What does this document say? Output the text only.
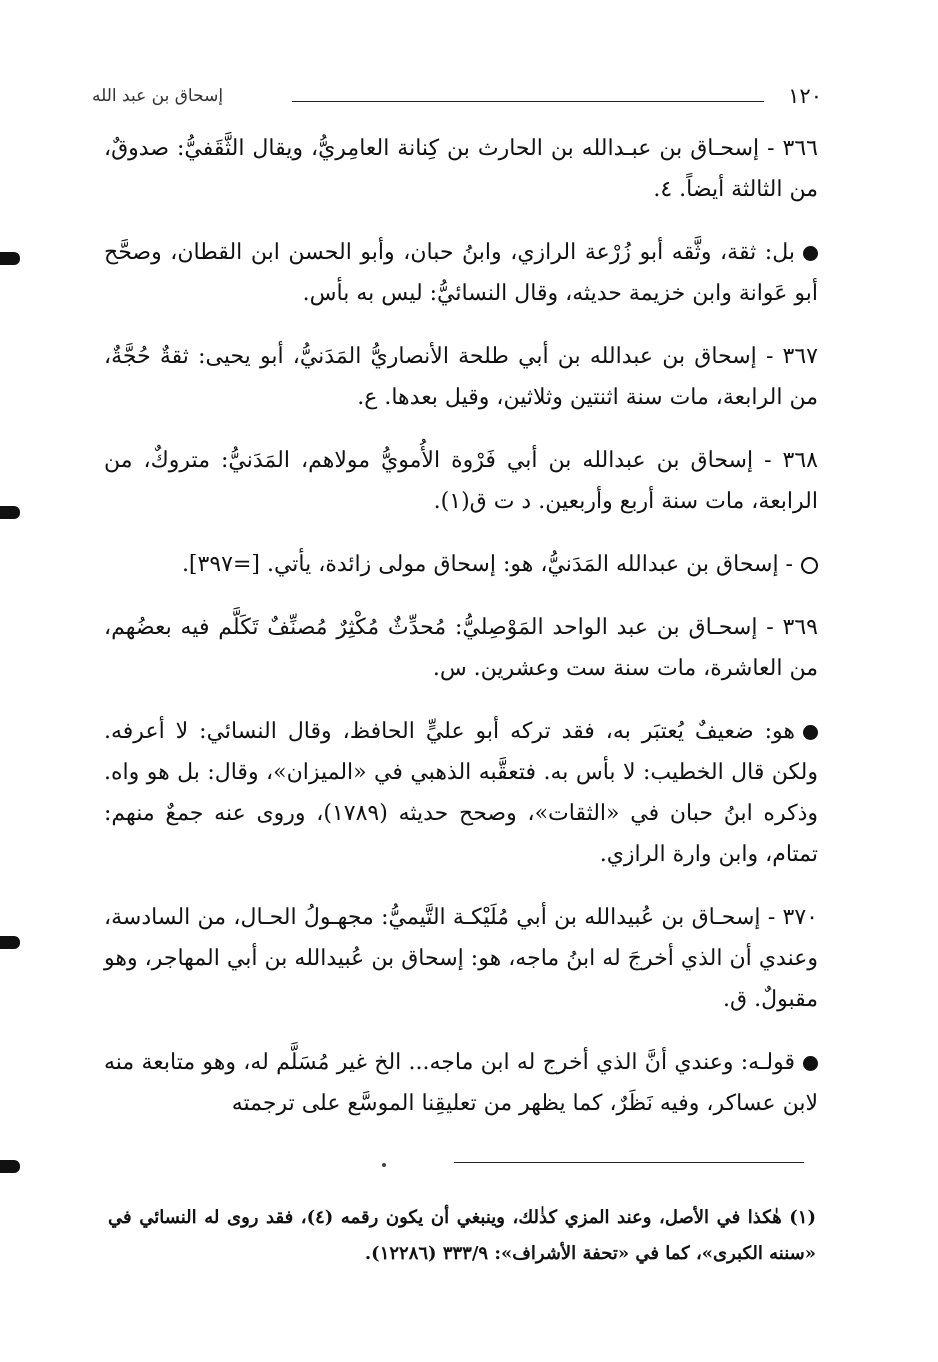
١٢٠
إسحاق بن عبد الله

٣٦٦ - إسحـاق بن عبـدالله بن الحارث بن كِنانة العامِريُّ، ويقال الثَّقَفيُّ: صدوقٌ، من الثالثة أيضاً. ٤.

بل: ثقة، وثَّقه أبو زُرْعة الرازي، وابنُ حبان، وأبو الحسن ابن القطان، وصحَّح أبو عَوانة وابن خزيمة حديثه، وقال النسائيُّ: ليس به بأس.

٣٦٧ - إسحاق بن عبدالله بن أبي طلحة الأنصاريُّ المَدَنيُّ، أبو يحيى: ثقةٌ حُجَّةٌ، من الرابعة، مات سنة اثنتين وثلاثين، وقيل بعدها. ع.

٣٦٨ - إسحاق بن عبدالله بن أبي فَرْوة الأُمويُّ مولاهم، المَدَنيُّ: متروكٌ، من الرابعة، مات سنة أربع وأربعين. د ت ق(١).

- إسحاق بن عبدالله المَدَنيُّ، هو: إسحاق مولى زائدة، يأتي. [=٣٩٧].

٣٦٩ - إسحـاق بن عبد الواحد المَوْصِليُّ: مُحدِّثٌ مُكْثِرٌ مُصنِّفٌ تَكَلَّم فيه بعضُهم، من العاشرة، مات سنة ست وعشرين. س.

هو: ضعيفٌ يُعتبَر به، فقد تركه أبو عليٍّ الحافظ، وقال النسائي: لا أعرفه. ولكن قال الخطيب: لا بأس به. فتعقَّبه الذهبي في «الميزان»، وقال: بل هو واه. وذكره ابنُ حبان في «الثقات»، وصحح حديثه (١٧٨٩)، وروى عنه جمعٌ منهم: تمتام، وابن وارة الرازي.

٣٧٠ - إسحـاق بن عُبيدالله بن أبي مُلَيْكـة التَّيميُّ: مجهـولُ الحـال، من السادسة، وعندي أن الذي أخرجَ له ابنُ ماجه، هو: إسحاق بن عُبيدالله بن أبي المهاجر، وهو مقبولٌ. ق.

قولـه: وعندي أنَّ الذي أخرج له ابن ماجه... الخ غير مُسَلَّم له، وهو متابعة منه لابن عساكر، وفيه نَظَرٌ، كما يظهر من تعليقِنا الموسَّع على ترجمته

(١) هٰكذا في الأصل، وعند المزي كذٰلك، وينبغي أن يكون رقمه (٤)، فقد روى له النسائي في «سننه الكبرى»، كما في «تحفة الأشراف»: ٣٣٣/٩ (١٢٢٨٦).
